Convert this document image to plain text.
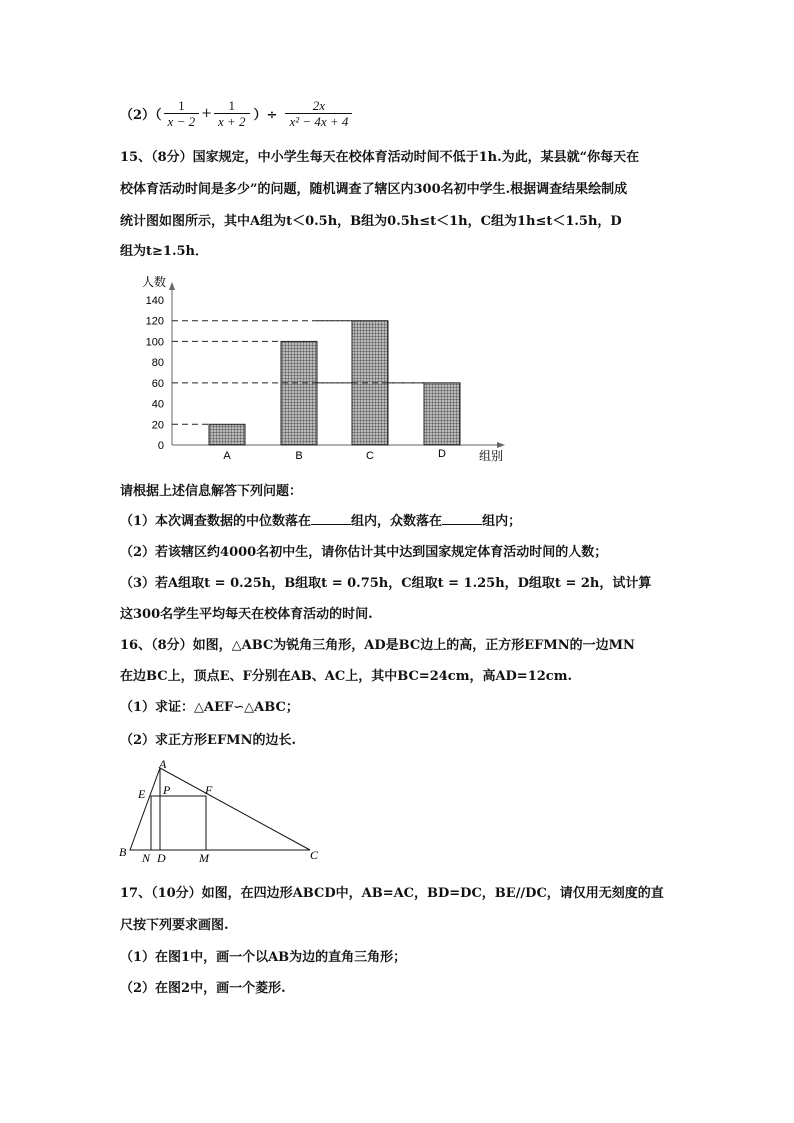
$(2)( \frac{1}{x - 2} + \frac{1}{x + 2}$ ）÷ $\frac{2x}{\text{x² − 4x + 4}}$
15、（8分）国家规定，中小学生每天在校体育活动时间不低于1h.为此，某县就“你每天在
校体育活动时间是多少”的问题，随机调查了辖区内300名初中学生.根据调查结果绘制成
统计图如图所示，其中A组为t＜0.5h，B组为0.5h≤t＜1h，C组为1h≤t＜1.5h，D
组为t≥1.5h．
人数
组别
0
20
40
60
80
100
120
140
A	B	C	D
请根据上述信息解答下列问题：
（1）本次调查数据的中位数落在	组内，众数落在	组内；
（2）若该辖区约4000名初中生，请你估计其中达到国家规定体育活动时间的人数；
（3）若A组取t = 0.25h，B组取t = 0.75h，C组取t = 1.25h，D组取t = 2h，试计算
这300名学生平均每天在校体育活动的时间.
16、（8分）如图，△ABC为锐角三角形，AD是BC边上的高，正方形EFMN的一边MN
在边BC上，顶点E、F分别在AB、AC上，其中BC=24cm，高AD=12cm.
（1）求证：△AEF∽△ABC；
（2）求正方形EFMN的边长.
A
E P	F
B N D	M	C
17、（10分）如图，在四边形ABCD中，AB=AC，BD=DC，BE//DC，请仅用无刻度的直
尺按下列要求画图.
（1）在图1中，画一个以AB为边的直角三角形；
（2）在图2中，画一个菱形.
